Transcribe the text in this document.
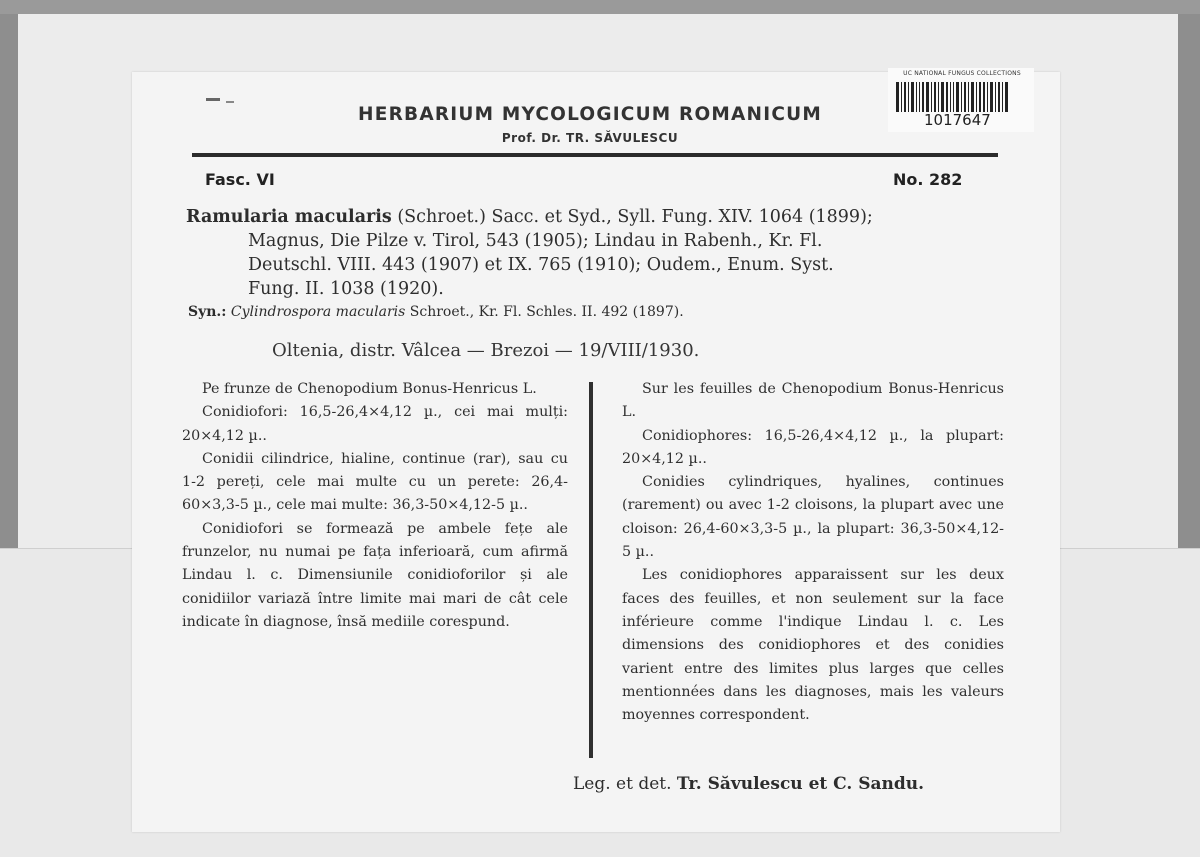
UC NATIONAL FUNGUS COLLECTIONS
1017647
HERBARIUM MYCOLOGICUM ROMANICUM
Prof. Dr. TR. SĂVULESCU
Fasc. VI	No. 282
Ramularia macularis (Schroet.) Sacc. et Syd., Syll. Fung. XIV. 1064 (1899);
Magnus, Die Pilze v. Tirol, 543 (1905); Lindau in Rabenh., Kr. Fl.
Deutschl. VIII. 443 (1907) et IX. 765 (1910); Oudem., Enum. Syst.
Fung. II. 1038 (1920).
Syn.: Cylindrospora macularis Schroet., Kr. Fl. Schles. II. 492 (1897).
Oltenia, distr. Vâlcea — Brezoi — 19/VIII/1930.

Pe frunze de Chenopodium Bonus-Henricus L.

Conidiofori: 16,5-26,4×4,12 µ., cei mai mulți: 20×4,12 µ..

Conidii cilindrice, hialine, continue (rar), sau cu 1-2 pereți, cele mai multe cu un perete: 26,4-60×3,3-5 µ., cele mai multe: 36,3-50×4,12-5 µ..

Conidiofori se formează pe ambele fețe ale frunzelor, nu numai pe fața inferioară, cum afirmă Lindau l. c. Dimensiunile conidioforilor și ale conidiilor variază între limite mai mari de cât cele indicate în diagnose, însă mediile corespund.

Sur les feuilles de Chenopodium Bonus-Henricus L.

Conidiophores: 16,5-26,4×4,12 µ., la plupart: 20×4,12 µ..

Conidies cylindriques, hyalines, continues (rarement) ou avec 1-2 cloisons, la plupart avec une cloison: 26,4-60×3,3-5 µ., la plupart: 36,3-50×4,12-5 µ..

Les conidiophores apparaissent sur les deux faces des feuilles, et non seulement sur la face inférieure comme l'indique Lindau l. c. Les dimensions des conidiophores et des conidies varient entre des limites plus larges que celles mentionnées dans les diagnoses, mais les valeurs moyennes correspondent.

Leg. et det. Tr. Săvulescu et C. Sandu.
